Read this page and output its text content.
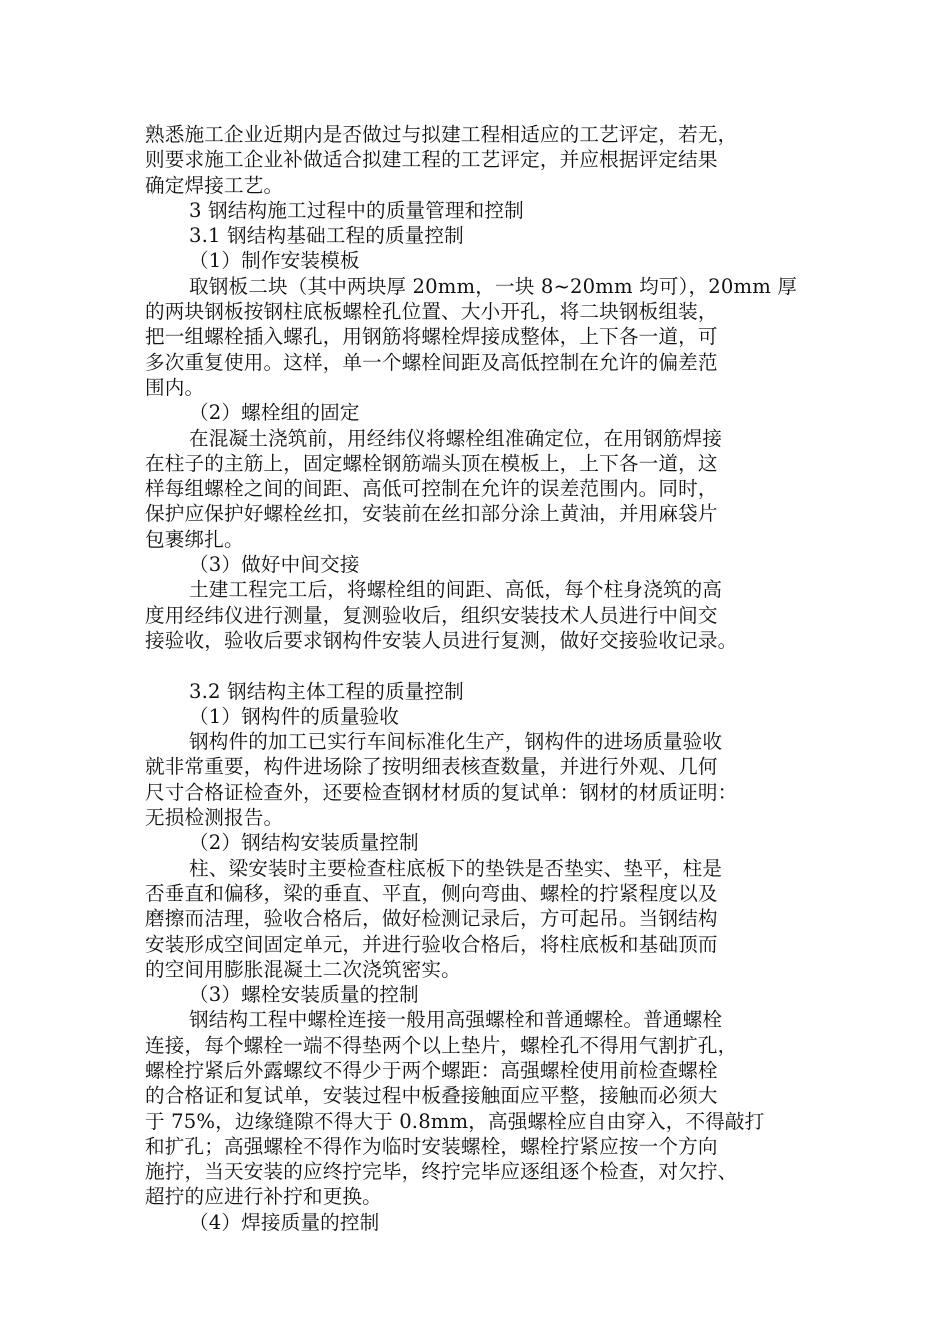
熟悉施工企业近期内是否做过与拟建工程相适应的工艺评定，若无，
则要求施工企业补做适合拟建工程的工艺评定，并应根据评定结果
确定焊接工艺。
3 钢结构施工过程中的质量管理和控制
3.1 钢结构基础工程的质量控制
（1）制作安装模板
取钢板二块（其中两块厚 20mm，一块 8~20mm 均可），20mm 厚
的两块钢板按钢柱底板螺栓孔位置、大小开孔，将二块钢板组装，
把一组螺栓插入螺孔，用钢筋将螺栓焊接成整体，上下各一道，可
多次重复使用。这样，单一个螺栓间距及高低控制在允许的偏差范
围内。
（2）螺栓组的固定
在混凝土浇筑前，用经纬仪将螺栓组准确定位，在用钢筋焊接
在柱子的主筋上，固定螺栓钢筋端头顶在模板上，上下各一道，这
样每组螺栓之间的间距、高低可控制在允许的误差范围内。同时，
保护应保护好螺栓丝扣，安装前在丝扣部分涂上黄油，并用麻袋片
包裹绑扎。
（3）做好中间交接
土建工程完工后，将螺栓组的间距、高低，每个柱身浇筑的高
度用经纬仪进行测量，复测验收后，组织安装技术人员进行中间交
接验收，验收后要求钢构件安装人员进行复测，做好交接验收记录。
3.2 钢结构主体工程的质量控制
（1）钢构件的质量验收
钢构件的加工已实行车间标准化生产，钢构件的进场质量验收
就非常重要，构件进场除了按明细表核查数量，并进行外观、几何
尺寸合格证检查外，还要检查钢材材质的复试单：钢材的材质证明：
无损检测报告。
（2）钢结构安装质量控制
柱、梁安装时主要检查柱底板下的垫铁是否垫实、垫平，柱是
否垂直和偏移，梁的垂直、平直，侧向弯曲、螺栓的拧紧程度以及
磨擦而洁理，验收合格后，做好检测记录后，方可起吊。当钢结构
安装形成空间固定单元，并进行验收合格后，将柱底板和基础顶而
的空间用膨胀混凝土二次浇筑密实。
（3）螺栓安装质量的控制
钢结构工程中螺栓连接一般用高强螺栓和普通螺栓。普通螺栓
连接，每个螺栓一端不得垫两个以上垫片，螺栓孔不得用气割扩孔，
螺栓拧紧后外露螺纹不得少于两个螺距：高强螺栓使用前检查螺栓
的合格证和复试单，安装过程中板叠接触面应平整，接触而必须大
于 75%，边缘缝隙不得大于 0.8mm，高强螺栓应自由穿入，不得敲打
和扩孔；高强螺栓不得作为临时安装螺栓，螺栓拧紧应按一个方向
施拧，当天安装的应终拧完毕，终拧完毕应逐组逐个检查，对欠拧、
超拧的应进行补拧和更换。
（4）焊接质量的控制
